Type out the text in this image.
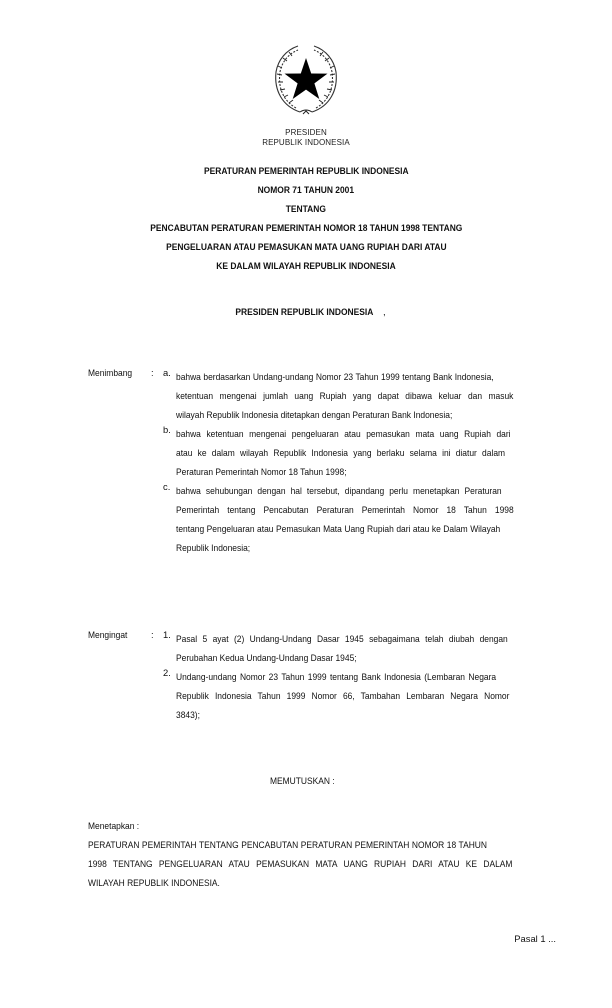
PRESIDEN
REPUBLIK INDONESIA
PERATURAN PEMERINTAH REPUBLIK INDONESIA
NOMOR 71 TAHUN 2001
TENTANG
PENCABUTAN PERATURAN PEMERINTAH NOMOR 18 TAHUN 1998 TENTANG
PENGELUARAN ATAU PEMASUKAN MATA UANG RUPIAH DARI ATAU
KE DALAM WILAYAH REPUBLIK INDONESIA
PRESIDEN REPUBLIK INDONESIA ,
Menimbang : a. bahwa berdasarkan Undang-undang Nomor 23 Tahun 1999 tentang Bank Indonesia,
ketentuan mengenai jumlah uang Rupiah yang dapat dibawa keluar dan masuk
wilayah Republik Indonesia ditetapkan dengan Peraturan Bank Indonesia;
b. bahwa ketentuan mengenai pengeluaran atau pemasukan mata uang Rupiah dari
atau ke dalam wilayah Republik Indonesia yang berlaku selama ini diatur dalam
Peraturan Pemerintah Nomor 18 Tahun 1998;
c. bahwa sehubungan dengan hal tersebut, dipandang perlu menetapkan Peraturan
Pemerintah tentang Pencabutan Peraturan Pemerintah Nomor 18 Tahun 1998
tentang Pengeluaran atau Pemasukan Mata Uang Rupiah dari atau ke Dalam Wilayah
Republik Indonesia;
Mengingat	: 1. Pasal 5 ayat (2) Undang-Undang Dasar 1945 sebagaimana telah diubah dengan
Perubahan Kedua Undang-Undang Dasar 1945;
2. Undang-undang Nomor 23 Tahun 1999 tentang Bank Indonesia (Lembaran Negara
Republik Indonesia Tahun 1999 Nomor 66, Tambahan Lembaran Negara Nomor
3843);
MEMUTUSKAN :
Menetapkan :
PERATURAN PEMERINTAH TENTANG PENCABUTAN PERATURAN PEMERINTAH NOMOR 18 TAHUN
1998 TENTANG PENGELUARAN ATAU PEMASUKAN MATA UANG RUPIAH DARI ATAU KE DALAM
WILAYAH REPUBLIK INDONESIA.
Pasal 1 ...
